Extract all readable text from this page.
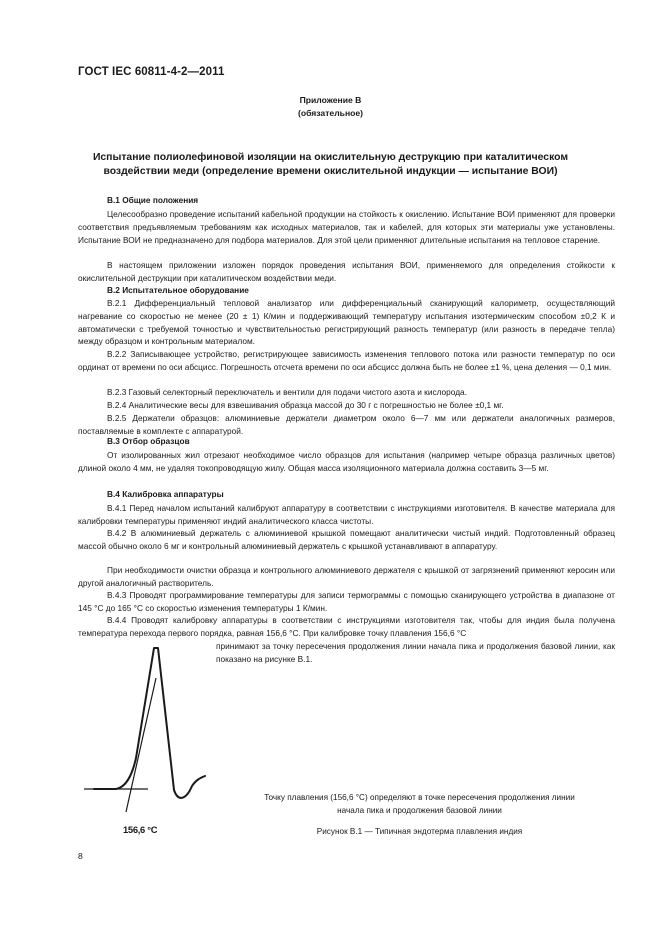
ГОСТ IEC 60811-4-2—2011
Приложение В
(обязательное)
Испытание полиолефиновой изоляции на окислительную деструкцию при каталитическом
воздействии меди (определение времени окислительной индукции — испытание ВОИ)
В.1 Общие положения
Целесообразно проведение испытаний кабельной продукции на стойкость к окислению. Испытание ВОИ применяют для проверки соответствия предъявляемым требованиям как исходных материалов, так и кабелей, для которых эти материалы уже установлены. Испытание ВОИ не предназначено для подбора материалов. Для этой цели применяют длительные испытания на тепловое старение.
В настоящем приложении изложен порядок проведения испытания ВОИ, применяемого для определения стойкости к окислительной деструкции при каталитическом воздействии меди.
В.2 Испытательное оборудование
В.2.1 Дифференциальный тепловой анализатор или дифференциальный сканирующий калориметр, осуществляющий нагревание со скоростью не менее (20 ± 1) К/мин и поддерживающий температуру испытания изотермическим способом ±0,2 К и автоматически с требуемой точностью и чувствительностью регистрирующий разность температур (или разность в передаче тепла) между образцом и контрольным материалом.
В.2.2 Записывающее устройство, регистрирующее зависимость изменения теплового потока или разности температур по оси ординат от времени по оси абсцисс. Погрешность отсчета времени по оси абсцисс должна быть не более ±1 %, цена деления — 0,1 мин.
В.2.3 Газовый селекторный переключатель и вентили для подачи чистого азота и кислорода.
В.2.4 Аналитические весы для взвешивания образца массой до 30 г с погрешностью не более ±0,1 мг.
В.2.5 Держатели образцов: алюминиевые держатели диаметром около 6—7 мм или держатели аналогичных размеров, поставляемые в комплекте с аппаратурой.
В.3 Отбор образцов
От изолированных жил отрезают необходимое число образцов для испытания (например четыре образца различных цветов) длиной около 4 мм, не удаляя токопроводящую жилу. Общая масса изоляционного материала должна составить 3—5 мг.
В.4 Калибровка аппаратуры
В.4.1 Перед началом испытаний калибруют аппаратуру в соответствии с инструкциями изготовителя. В качестве материала для калибровки температуры применяют индий аналитического класса чистоты.
В.4.2 В алюминиевый держатель с алюминиевой крышкой помещают аналитически чистый индий. Подготовленный образец массой обычно около 6 мг и контрольный алюминиевый держатель с крышкой устанавливают в аппаратуру.
При необходимости очистки образца и контрольного алюминиевого держателя с крышкой от загрязнений применяют керосин или другой аналогичный растворитель.
В.4.3 Проводят программирование температуры для записи термограммы с помощью сканирующего устройства в диапазоне от 145 °С до 165 °С со скоростью изменения температуры 1 К/мин.
В.4.4 Проводят калибровку аппаратуры в соответствии с инструкциями изготовителя так, чтобы для индия была получена температура перехода первого порядка, равная 156,6 °С. При калибровке точку плавления 156,6 °С
принимают за точку пересечения продолжения линии начала пика и продолжения базовой линии, как показано на рисунке В.1.
156,6 °С
Точку плавления (156,6 °С) определяют в точке пересечения продолжения линии
начала пика и продолжения базовой линии
Рисунок В.1 — Типичная эндотерма плавления индия
8
